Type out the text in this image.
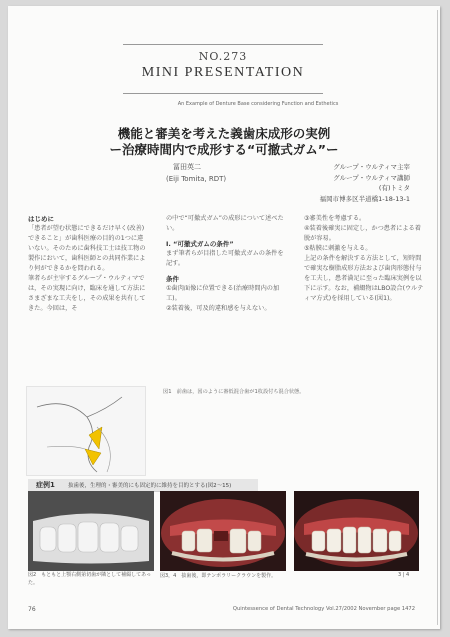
NO.273
MINI PRESENTATION
An Example of Denture Base considering Function and Esthetics
機能と審美を考えた義歯床成形の実例
ー治療時間内で成形する“可撤式ガム”ー
冨田英二
(Eiji Tomita, RDT)
グループ・ウルティマ主宰
グループ・ウルティマ講師
(有)トミタ
福岡市博多区半道橋1-18-13-1

はじめに

「患者が望む状態にできるだけ早く(改善)できること」が歯科医療の目的の1つに違いない。そのために歯科技工士は技工物の製作において，歯科医師との共同作業により何ができるかを問われる。

筆者らが主宰するグループ・ウルティマでは，その実現に向け，臨床を通して方法にさまざまな工夫をし，その成果を共有してきた。今回は，そ

の中で“可撤式ガム”の成形について述べたい。

Ⅰ. “可撤式ガムの条件”

まず筆者らが目指した可撤式ガムの条件を記す。

条件

①歯肉面像に位置できる(治療時間内の加工)。

②装着後，可及的違和感を与えない。

③審美性を考慮する。

④装着後確実に固定し，かつ患者による着脱が容易。

⑤粘膜に刺激を与える。

上記の条件を解決する方法として，短時間で確実な樹脂成形方法および歯肉形態付与を工夫し，患者満足に至った臨床実例を以下に示す。なお，補綴物はLBO設合(ウルティマ方式)を採用している(図1)。

図1　前歯は，図のように審低混合歯が1枚設付ち混合状態。
症例1 抜歯後，生理的・審美的にも固定的に維持を目的とする(図2〜15)
図2　もともと上顎右側第切歯が隣として補綴してあった。
図3，4　抜歯後，即テンポラリークラウンを製作。	3 | 4
76	Quintessence of Dental Technology Vol.27/2002 November page 1472
